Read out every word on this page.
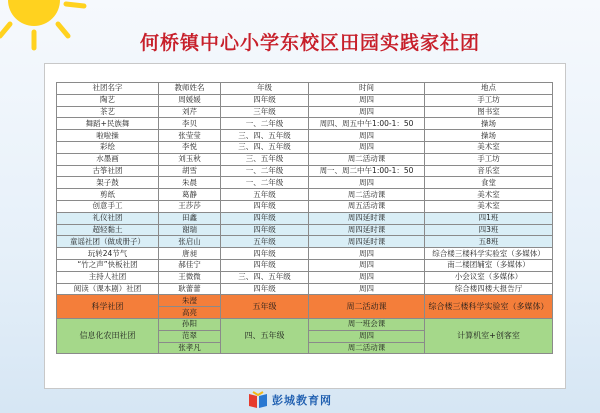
何桥镇中心小学东校区田园实践家社团
社团名字	教师姓名	年级	时间	地点
陶艺	周媛媛	四年级	周四	手工坊
茶艺	刘芹	三年级	周四	图书室
舞蹈+民族舞	李贝	一、二年级	周四、周五中午1:00-1：50	操场
啦啦操	张莹莹	三、四、五年级	周四	操场
彩绘	李悦	三、四、五年级	周四	美术室
水墨画	刘玉秋	三、五年级	周二活动课	手工坊
古筝社团	胡雪	一、二年级	周一、周二中午1:00-1：50	音乐室
架子鼓	朱晨	一、二年级	周四	食堂
剪纸	葛静	五年级	周二活动课	美术室
创意手工	王莎莎	四年级	周五活动课	美术室
礼仪社团	田鑫	四年级	周四延时课	四1班
超轻黏土	谢瑞	四年级	周四延时课	四3班
童谣社团（做成册子）	张启山	五年级	周四延时课	五8班
玩转24节气	唐昶	四年级	周四	综合楼三楼科学实验室（多媒体）
“竹之声”快板社团	郝佳宁	四年级	周四	南二楼团辅室（多媒体）
主持人社团	王微微	三、四、五年级	周四	小会议室（多媒体）
阅读（课本剧）社团	耿蕾蕾	四年级	周四	综合楼四楼大报告厅
科学社团	朱瀅	五年级	周二活动课	综合楼三楼科学实验室（多媒体）
	高亮			
信息化农田社团	孙阳	四、五年级	周一班会课	计算机室+创客室
	范翠		周四	
	张孝凡		周二活动课	
彭城教育网
